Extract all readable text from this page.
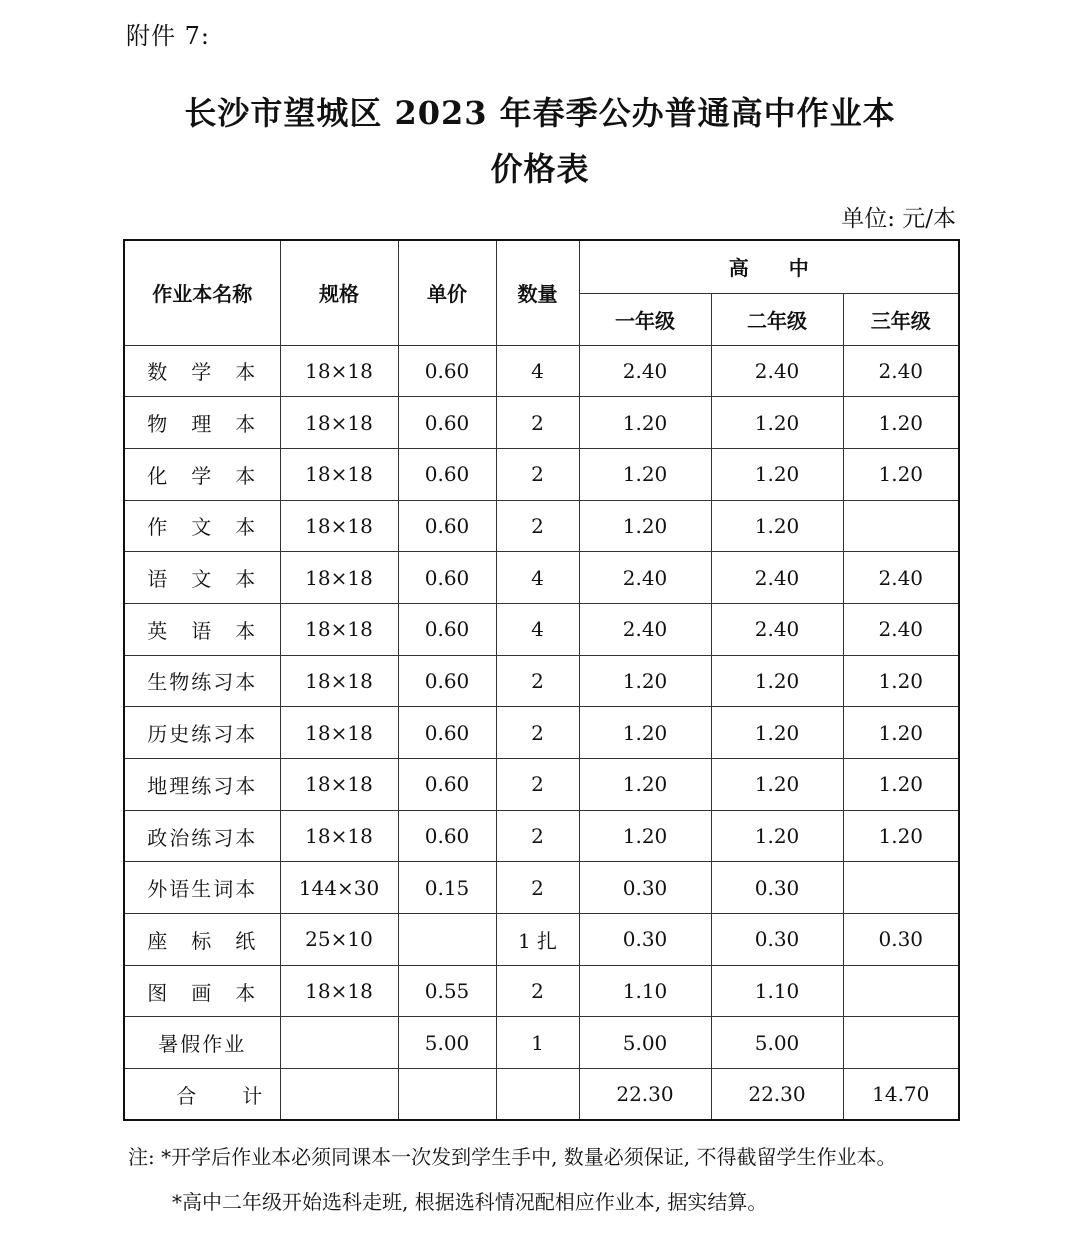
附件 7:
长沙市望城区 2023 年春季公办普通高中作业本
价格表
单位: 元/本
作业本名称	规格	单价	数量	高　　中		
				一年级	二年级	三年级
数　学　本	18×18	0.60	4	2.40	2.40	2.40
物　理　本	18×18	0.60	2	1.20	1.20	1.20
化　学　本	18×18	0.60	2	1.20	1.20	1.20
作　文　本	18×18	0.60	2	1.20	1.20	
语　文　本	18×18	0.60	4	2.40	2.40	2.40
英　语　本	18×18	0.60	4	2.40	2.40	2.40
生物练习本	18×18	0.60	2	1.20	1.20	1.20
历史练习本	18×18	0.60	2	1.20	1.20	1.20
地理练习本	18×18	0.60	2	1.20	1.20	1.20
政治练习本	18×18	0.60	2	1.20	1.20	1.20
外语生词本	144×30	0.15	2	0.30	0.30	
座　标　纸	25×10		1 扎	0.30	0.30	0.30
图　画　本	18×18	0.55	2	1.10	1.10	
暑假作业		5.00	1	5.00	5.00	
合　　计				22.30	22.30	14.70
注: *开学后作业本必须同课本一次发到学生手中, 数量必须保证, 不得截留学生作业本。
*高中二年级开始选科走班, 根据选科情况配相应作业本, 据实结算。
